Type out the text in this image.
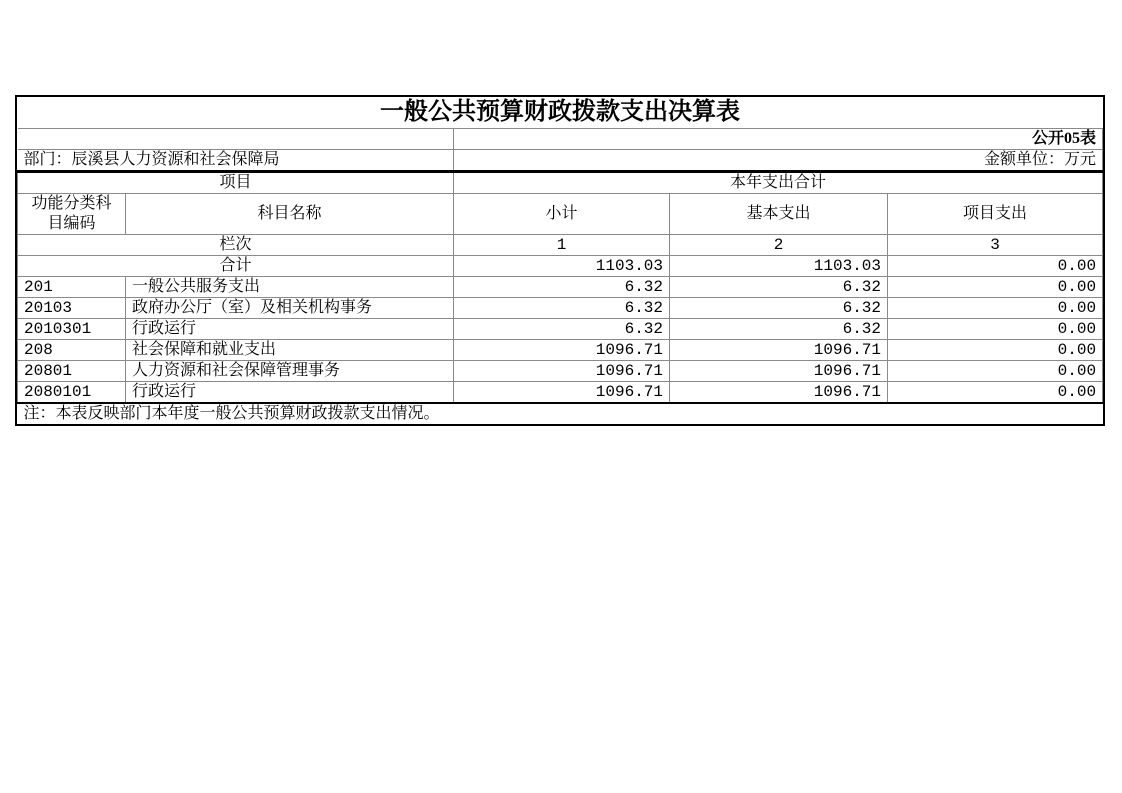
一般公共预算财政拨款支出决算表				
		公开05表		
部门：辰溪县人力资源和社会保障局		金额单位：万元		
项目		本年支出合计		

功能分类科
目编码	科目名称	小计	基本支出	项目支出
栏次		1	2	3
合计		1103.03	1103.03	0.00
201	一般公共服务支出	6.32	6.32	0.00
20103	政府办公厅（室）及相关机构事务	6.32	6.32	0.00
2010301	行政运行	6.32	6.32	0.00
208	社会保障和就业支出	1096.71	1096.71	0.00
20801	人力资源和社会保障管理事务	1096.71	1096.71	0.00
2080101	行政运行	1096.71	1096.71	0.00
注：本表反映部门本年度一般公共预算财政拨款支出情况。				
